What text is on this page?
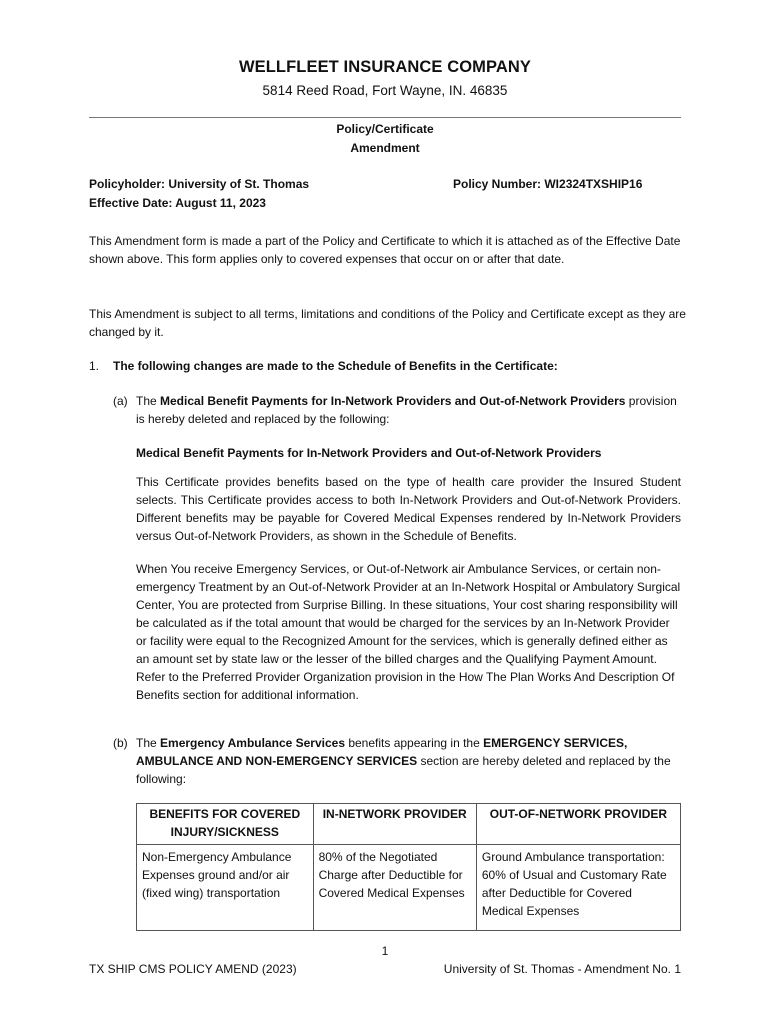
WELLFLEET INSURANCE COMPANY
5814 Reed Road, Fort Wayne, IN. 46835
Policy/Certificate
Amendment
Policyholder: University of St. Thomas	Policy Number: WI2324TXSHIP16
Effective Date: August 11, 2023
This Amendment form is made a part of the Policy and Certificate to which it is attached as of the Effective Date shown above. This form applies only to covered expenses that occur on or after that date.
This Amendment is subject to all terms, limitations and conditions of the Policy and Certificate except as they are changed by it.
1. The following changes are made to the Schedule of Benefits in the Certificate:
(a) The Medical Benefit Payments for In-Network Providers and Out-of-Network Providers provision is hereby deleted and replaced by the following:
Medical Benefit Payments for In-Network Providers and Out-of-Network Providers
This Certificate provides benefits based on the type of health care provider the Insured Student selects. This Certificate provides access to both In-Network Providers and Out-of-Network Providers. Different benefits may be payable for Covered Medical Expenses rendered by In-Network Providers versus Out-of-Network Providers, as shown in the Schedule of Benefits.
When You receive Emergency Services, or Out-of-Network air Ambulance Services, or certain non-emergency Treatment by an Out-of-Network Provider at an In-Network Hospital or Ambulatory Surgical Center, You are protected from Surprise Billing. In these situations, Your cost sharing responsibility will be calculated as if the total amount that would be charged for the services by an In-Network Provider or facility were equal to the Recognized Amount for the services, which is generally defined either as an amount set by state law or the lesser of the billed charges and the Qualifying Payment Amount. Refer to the Preferred Provider Organization provision in the How The Plan Works And Description Of Benefits section for additional information.
(b) The Emergency Ambulance Services benefits appearing in the EMERGENCY SERVICES, AMBULANCE AND NON-EMERGENCY SERVICES section are hereby deleted and replaced by the following:
BENEFITS FOR COVERED INJURY/SICKNESS	IN-NETWORK PROVIDER	OUT-OF-NETWORK PROVIDER
Non-Emergency Ambulance Expenses ground and/or air (fixed wing) transportation	80% of the Negotiated Charge after Deductible for Covered Medical Expenses	Ground Ambulance transportation: 60% of Usual and Customary Rate after Deductible for Covered Medical Expenses
1
TX SHIP CMS POLICY AMEND (2023)	University of St. Thomas - Amendment No. 1
